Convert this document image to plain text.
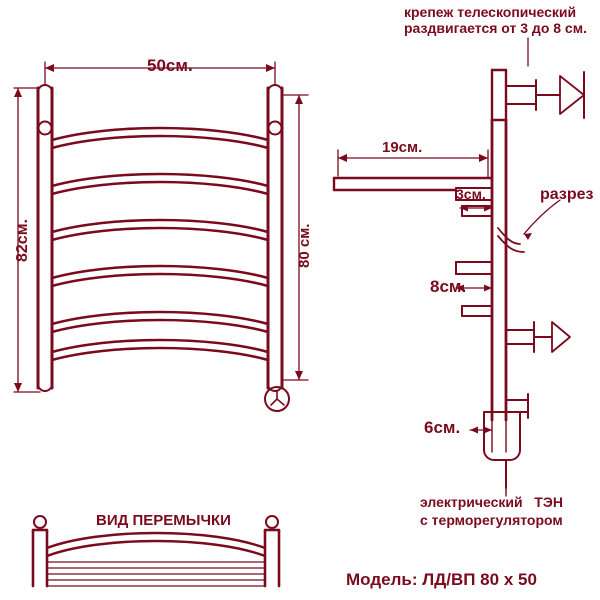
50см.
82см.	80 см.
крепеж телескопический
раздвигается от 3 до 8 см.
19см.
3см.	разрез
8см.
6см.
электрический   ТЭН
с терморегулятором
ВИД ПЕРЕМЫЧКИ
Модель: ЛД/ВП 80 х 50
